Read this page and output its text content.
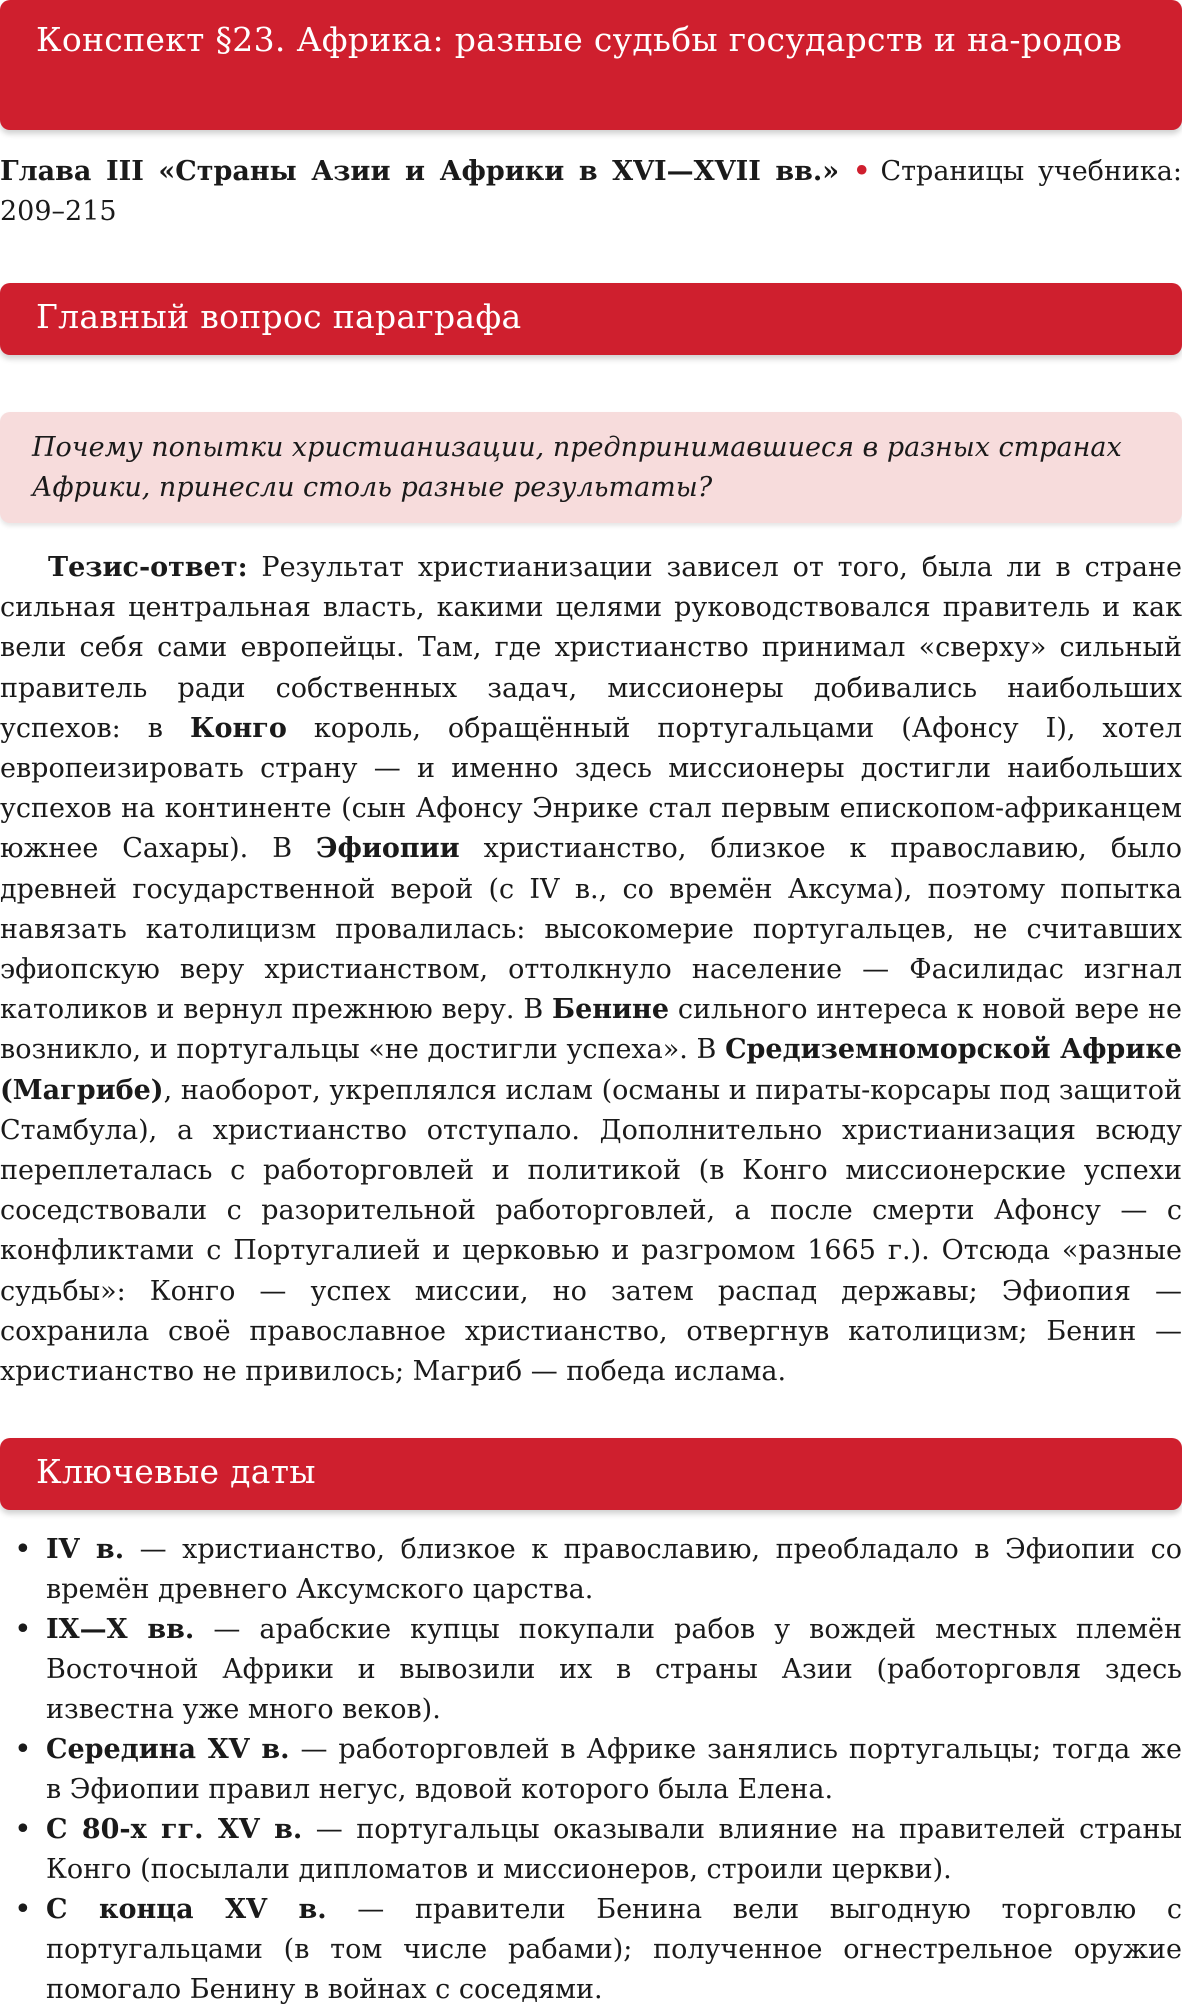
Конспект §23. Африка: разные судьбы государств и на-родов
Глава III «Страны Азии и Африки в XVI—XVII вв.» • Страницы учебника: 209–215
Главный вопрос параграфа
Почему попытки христианизации, предпринимавшиеся в разных странах Африки, принесли столь разные результаты?

Тезис-ответ: Результат христианизации зависел от того, была ли в стране сильная центральная власть, какими целями руководствовался правитель и как вели себя сами европейцы. Там, где христианство принимал «сверху» сильный правитель ради собственных задач, миссионеры добивались наибольших успехов: в Конго король, обращённый португальцами (Афонсу I), хотел европеизировать страну — и именно здесь миссионеры достигли наибольших успехов на континенте (сын Афонсу Энрике стал первым епископом-африканцем южнее Сахары). В Эфиопии христианство, близкое к православию, было древней государственной верой (с IV в., со времён Аксума), поэтому попытка навязать католицизм провалилась: высокомерие португальцев, не считавших эфиопскую веру христианством, оттолкнуло население — Фасилидас изгнал католиков и вернул прежнюю веру. В Бенине сильного интереса к новой вере не возникло, и португальцы «не достигли успеха». В Средиземноморской Африке (Магрибе), наоборот, укреплялся ислам (османы и пираты-корсары под защитой Стамбула), а христианство отступало. Дополнительно христианизация всюду переплеталась с работорговлей и политикой (в Конго миссионерские успехи соседствовали с разорительной работорговлей, а после смерти Афонсу — с конфликтами с Португалией и церковью и разгромом 1665 г.). Отсюда «разные судьбы»: Конго — успех миссии, но затем распад державы; Эфиопия — сохранила своё православное христианство, отвергнув католицизм; Бенин — христианство не привилось; Магриб — победа ислама.

Ключевые даты
• IV в. — христианство, близкое к православию, преобладало в Эфиопии со времён древнего Аксумского царства.
• IX—X вв. — арабские купцы покупали рабов у вождей местных племён Восточной Африки и вывозили их в страны Азии (работорговля здесь известна уже много веков).
• Середина XV в. — работорговлей в Африке занялись португальцы; тогда же в Эфиопии правил негус, вдовой которого была Елена.
• С 80-х гг. XV в. — португальцы оказывали влияние на правителей страны Конго (посылали дипломатов и миссионеров, строили церкви).
• С конца XV в. — правители Бенина вели выгодную торговлю с португальцами (в том числе рабами); полученное огнестрельное оружие помогало Бенину в войнах с соседями.
